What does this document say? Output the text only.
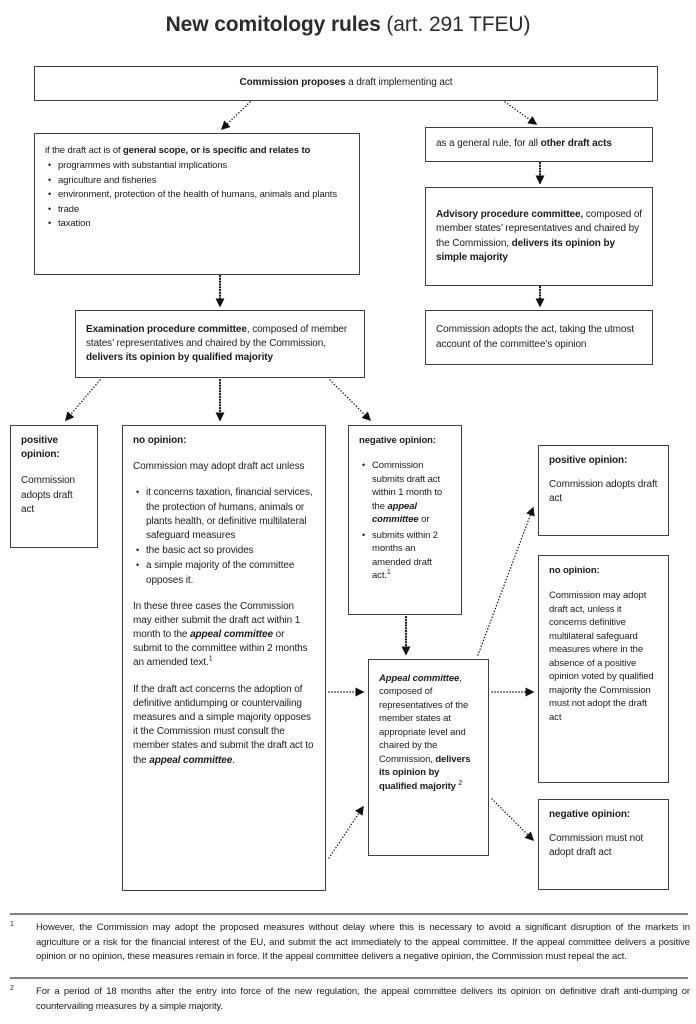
New comitology rules (art. 291 TFEU)
Commission proposes a draft implementing act

if the draft act is of general scope, or is specific and relates to

• programmes with substantial implications
• agriculture and fisheries
• environment, protection of the health of humans, animals and plants
• trade
• taxation
as a general rule, for all other draft acts
Advisory procedure committee, composed of member states’ representatives and chaired by the Commission, delivers its opinion by simple majority
Commission adopts the act, taking the utmost account of the committee’s opinion
Examination procedure committee, composed of member states’ representatives and chaired by the Commission, delivers its opinion by qualified majority

positive opinion:

Commission adopts draft act

no opinion:

Commission may adopt draft act unless

• it concerns taxation, financial services, the protection of humans, animals or plants health, or definitive multilateral safeguard measures
• the basic act so provides
• a simple majority of the committee opposes it.

In these three cases the Commission may either submit the draft act within 1 month to the appeal committee or submit to the committee within 2 months an amended text.$^1$

If the draft act concerns the adoption of definitive antidumping or countervailing measures and a simple majority opposes it the Commission must consult the member states and submit the draft act to the appeal committee.

negative opinion:

• Commission submits draft act within 1 month to the appeal committee or
• submits within 2 months an amended draft act.$^1$
Appeal committee, composed of representatives of the member states at appropriate level and chaired by the Commission, delivers its opinion by qualified majority $^2$

positive opinion:

Commission adopts draft act

no opinion:

Commission may adopt draft act, unless it concerns definitive multilateral safeguard measures where in the absence of a positive opinion voted by qualified majority the Commission must not adopt the draft act

negative opinion:

Commission must not adopt draft act

$^1$	However, the Commission may adopt the proposed measures without delay where this is necessary to avoid a significant disruption of the markets in agriculture or a risk for the financial interest of the EU, and submit the act immediately to the appeal committee. If the appeal committee delivers a positive opinion or no opinion, these measures remain in force. If the appeal committee delivers a negative opinion, the Commission must repeal the act.
$^2$	For a period of 18 months after the entry into force of the new regulation, the appeal committee delivers its opinion on definitive draft anti-dumping or countervailing measures by a simple majority.
